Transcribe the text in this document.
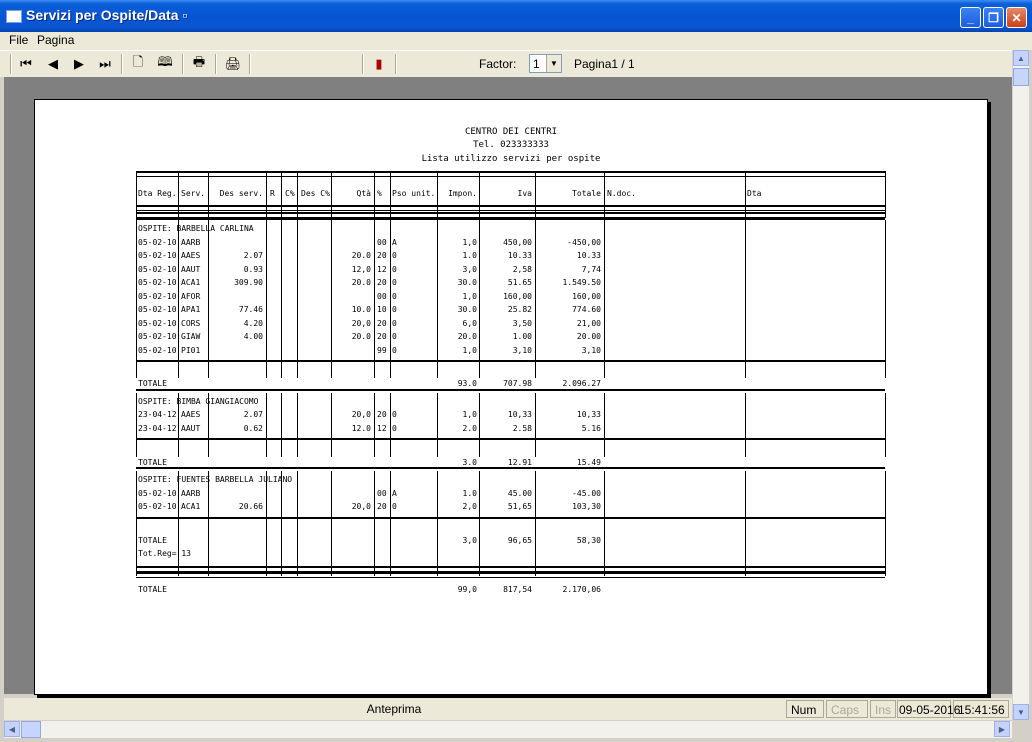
Servizi per Ospite/Data ▫	_ ❐ ✕
File Pagina
⏮	◀	▶	⏭ 🗋 🕮 🖶 🖨	▮	Factor: 1	▼ Pagina1 / 1
CENTRO DEI CENTRI
Tel. 023333333
Lista utilizzo servizi per ospite
Dta Reg. Serv.	Des serv. R	C% Des C%	Qtà %	Pso unit.	Impon.	Iva	Totale N.doc.	Dta
OSPITE: BARBELLA CARLINA
05-02-10 AARB	00 A	1,0	450,00	-450,00
05-02-10 AAES	2.07	20.0 20 0	1.0	10.33	10.33
05-02-10 AAUT	0.93	12,0 12 0	3,0	2,58	7,74
05-02-10 ACA1	309.90	20.0 20 0	30.0	51.65	1.549.50
05-02-10 AFOR	00 0	1,0	160,00	160,00
05-02-10 APA1	77.46	10.0 10 0	30.0	25.82	774.60
05-02-10 CORS	4.20	20,0 20 0	6,0	3,50	21,00
05-02-10 GIAW	4.00	20.0 20 0	20.0	1.00	20.00
05-02-10 PI01	99 0	1,0	3,10	3,10
TOTALE	93.0	707.98	2.096.27
OSPITE: BIMBA GIANGIACOMO
23-04-12 AAES	2.07	20,0 20 0	1,0	10,33	10,33
23-04-12 AAUT	0.62	12.0 12 0	2.0	2.58	5.16
TOTALE	3.0	12.91	15.49
OSPITE: FUENTES BARBELLA JULIANO
05-02-10 AARB	00 A	1.0	45.00	-45.00
05-02-10 ACA1	20.66	20,0 20 0	2,0	51,65	103,30
TOTALE	3,0	96,65	58,30
Tot.Reg= 13
TOTALE	99,0	817,54	2.170,06
▲
▼
Anteprima	Num	Caps	Ins 09-05-2016
15:41:56
◀	▶
